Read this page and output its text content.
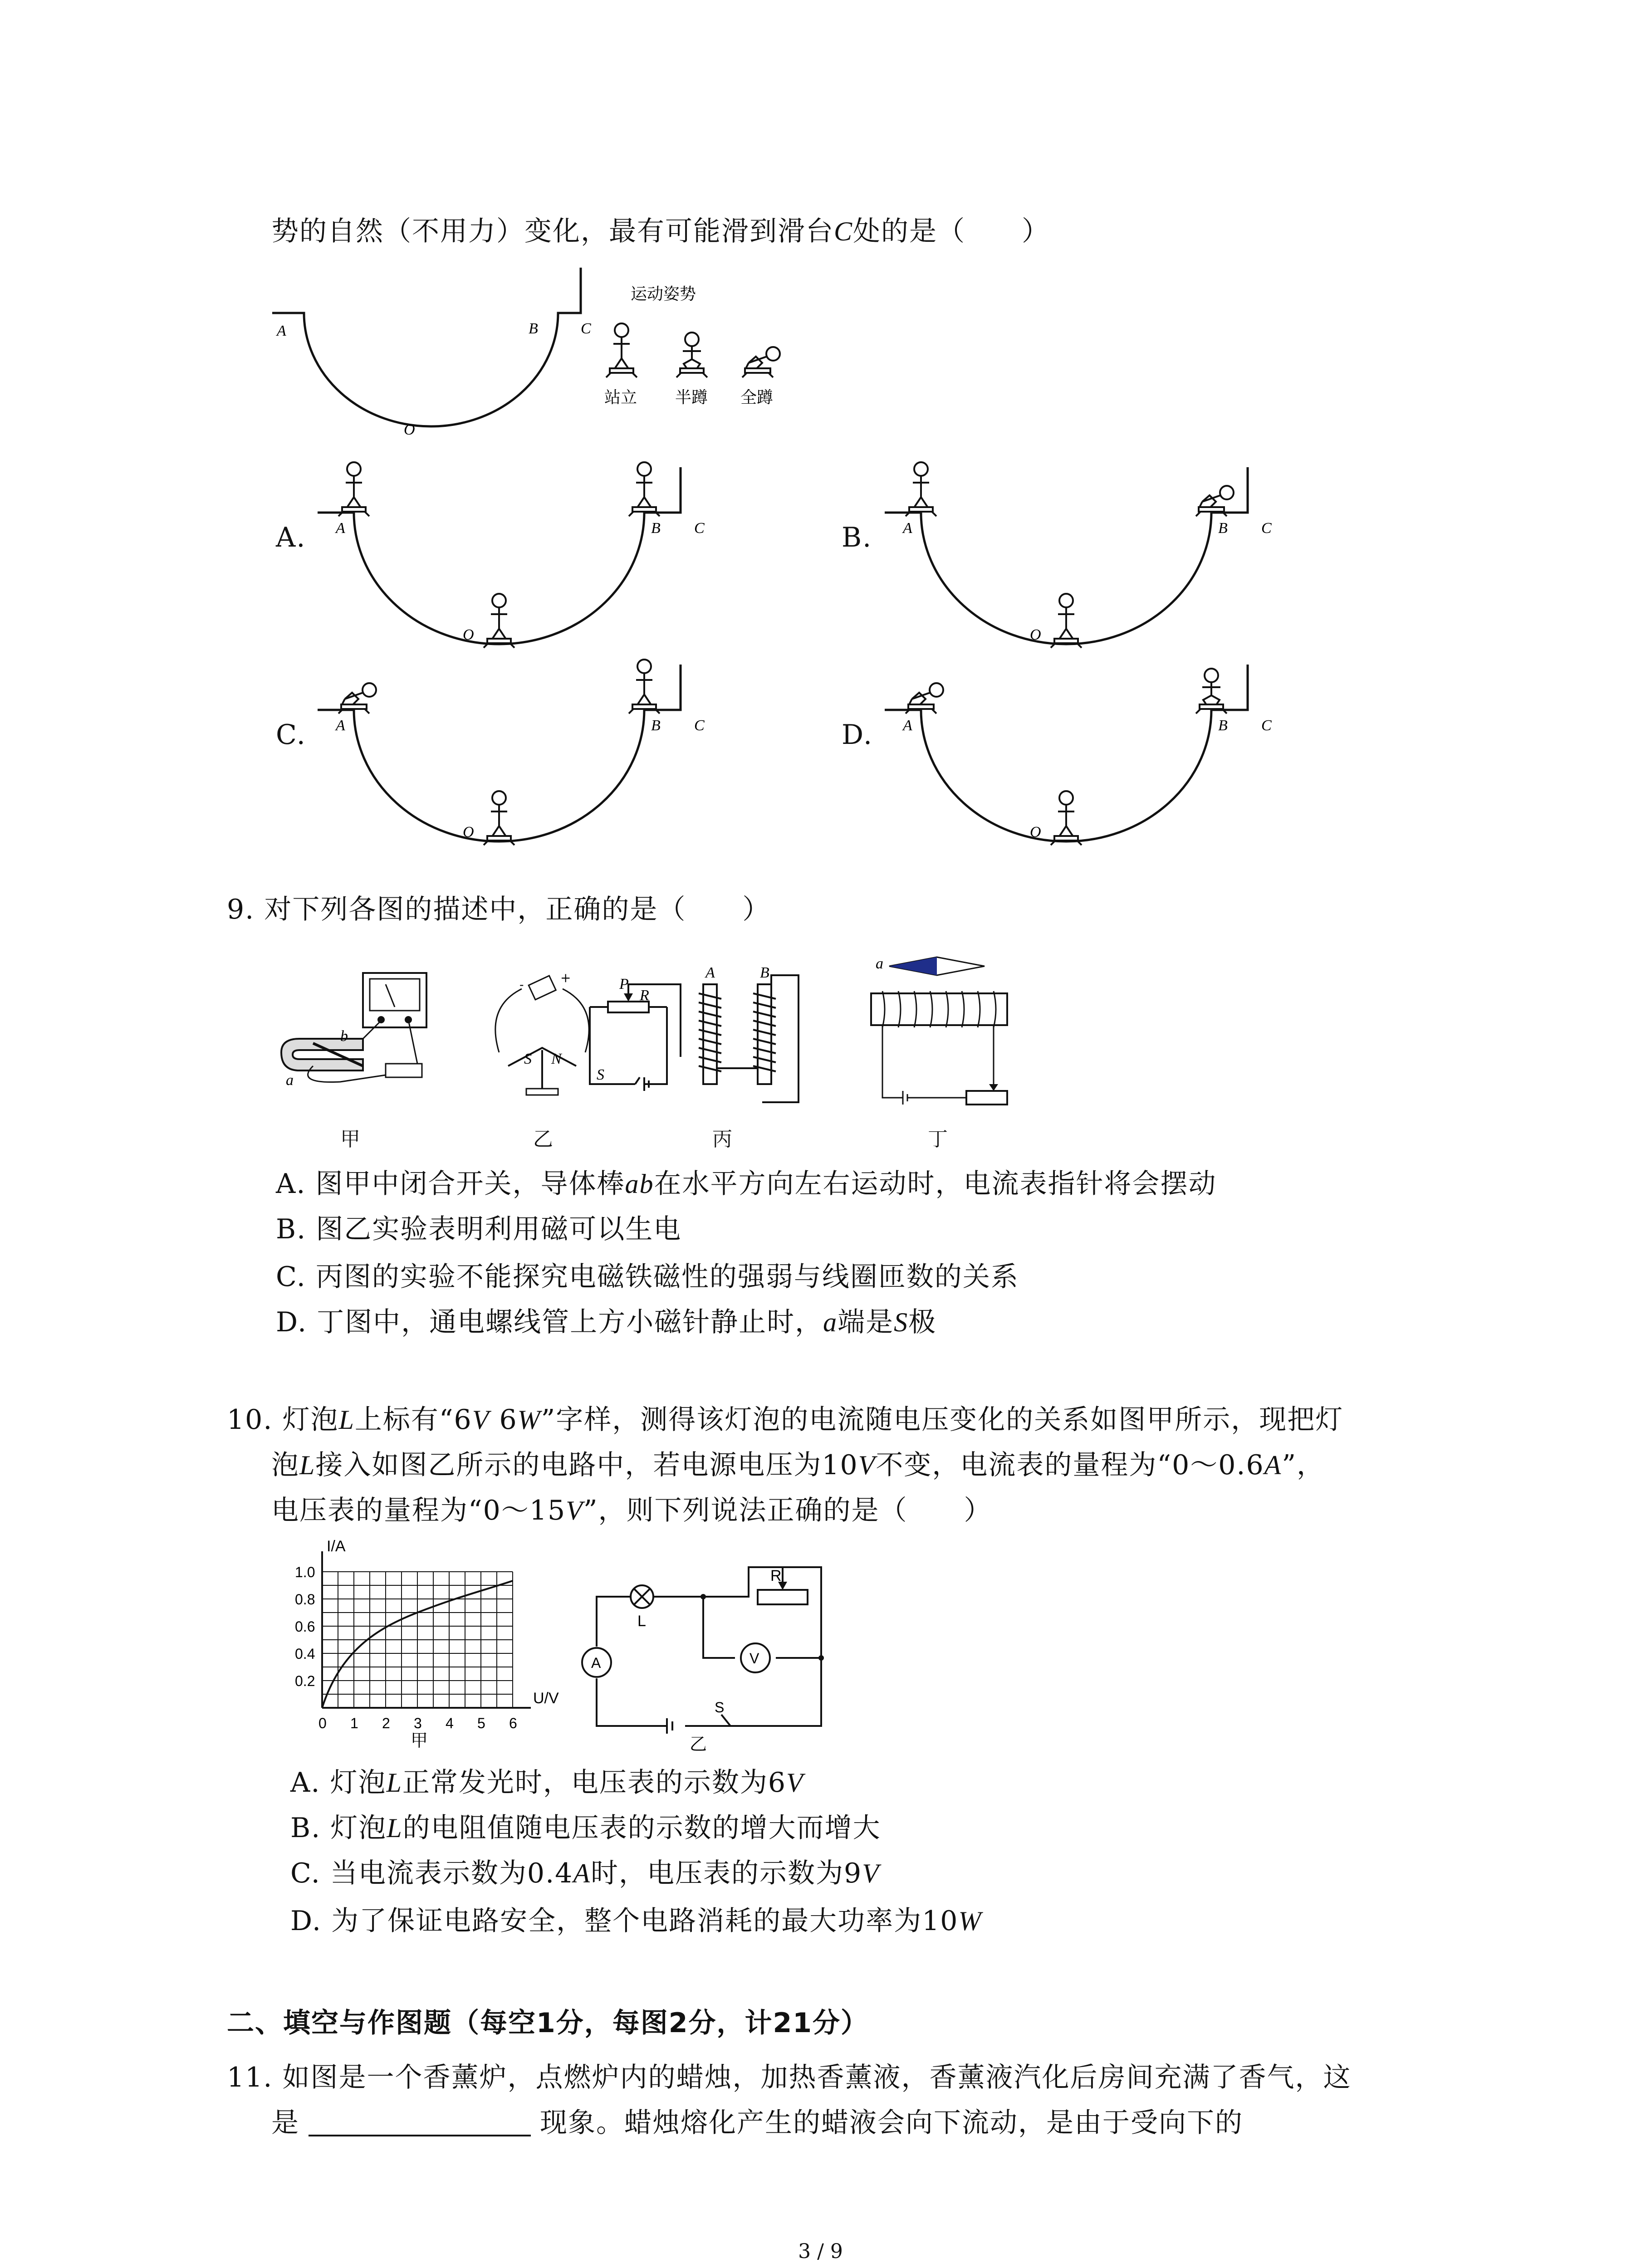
势的自然（不用力）变化，最有可能滑到滑台C处的是（　　）
A	B	C
O
运动姿势
站立 半蹲 全蹲
A. A	B C
O
B. A	B C
O
C. A	B C
O
D. A	B C
O
9. 对下列各图的描述中，正确的是（　　）
b
a
-	+
S N
S
P
R
A	B
a
甲	乙	丙	丁
A. 图甲中闭合开关，导体棒ab在水平方向左右运动时，电流表指针将会摆动
B. 图乙实验表明利用磁可以生电
C. 丙图的实验不能探究电磁铁磁性的强弱与线圈匝数的关系
D. 丁图中，通电螺线管上方小磁针静止时，a端是S极
10. 灯泡L上标有“6V 6W”字样，测得该灯泡的电流随电压变化的关系如图甲所示，现把灯
泡L接入如图乙所示的电路中，若电源电压为10V不变，电流表的量程为“0～0.6A”，
电压表的量程为“0～15V”，则下列说法正确的是（　　）
I/A
U/V
1.0
0.8
0.6
0.4
0.2
0 1 2 3 4 5 6
甲
R
L
V
A
S
乙
A. 灯泡L正常发光时，电压表的示数为6V
B. 灯泡L的电阻值随电压表的示数的增大而增大
C. 当电流表示数为0.4A时，电压表的示数为9V
D. 为了保证电路安全，整个电路消耗的最大功率为10W
二、填空与作图题（每空1分，每图2分，计21分）
11. 如图是一个香薰炉，点燃炉内的蜡烛，加热香薰液，香薰液汽化后房间充满了香气，这
是	现象。蜡烛熔化产生的蜡液会向下流动，是由于受向下的
3 / 9
